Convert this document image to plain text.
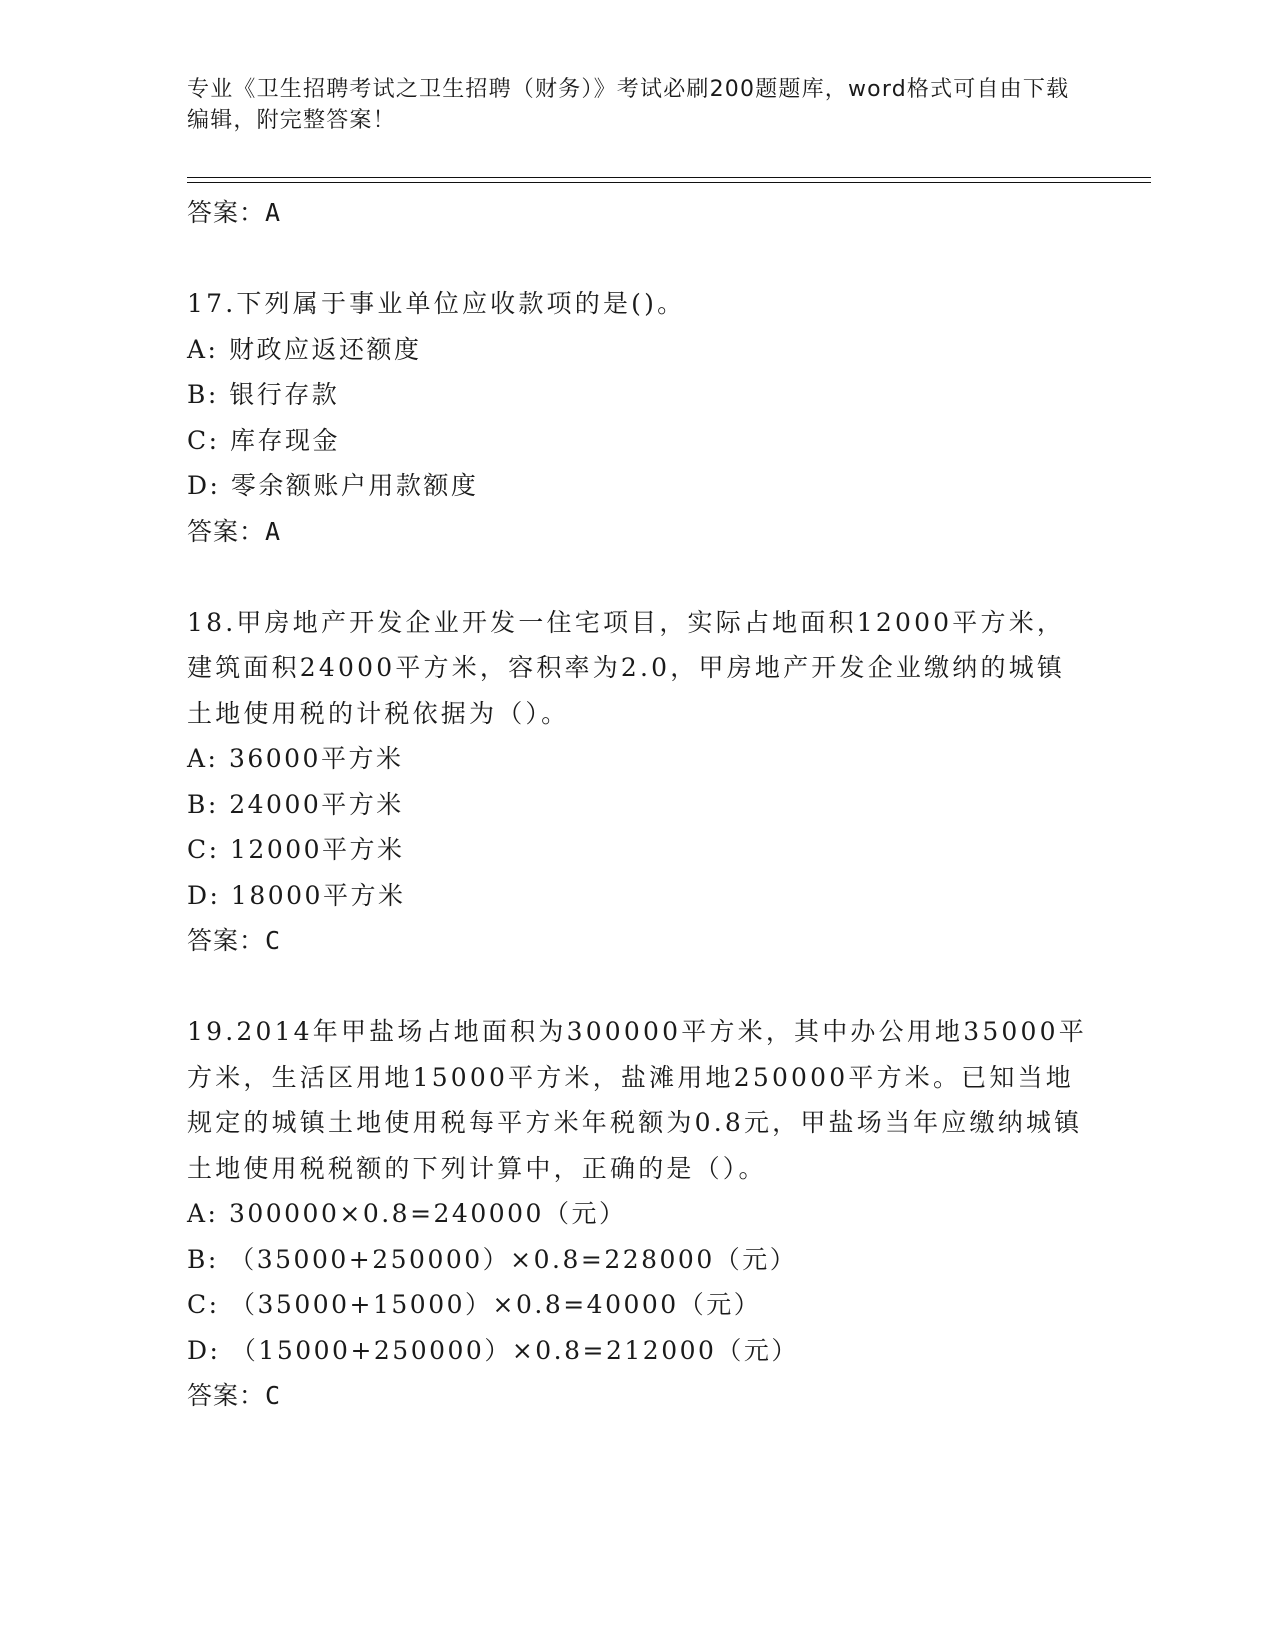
专业《卫生招聘考试之卫生招聘（财务）》考试必刷200题题库，word格式可自由下载编辑，附完整答案！
答案：A
17.下列属于事业单位应收款项的是()。
A: 财政应返还额度
B: 银行存款
C: 库存现金
D: 零余额账户用款额度
答案：A
18.甲房地产开发企业开发一住宅项目，实际占地面积12000平方米，建筑面积24000平方米，容积率为2.0，甲房地产开发企业缴纳的城镇土地使用税的计税依据为（）。
A: 36000平方米
B: 24000平方米
C: 12000平方米
D: 18000平方米
答案：C
19.2014年甲盐场占地面积为300000平方米，其中办公用地35000平方米，生活区用地15000平方米，盐滩用地250000平方米。已知当地规定的城镇土地使用税每平方米年税额为0.8元，甲盐场当年应缴纳城镇土地使用税税额的下列计算中，正确的是（）。
A: 300000×0.8=240000（元）
B: （35000+250000）×0.8=228000（元）
C: （35000+15000）×0.8=40000（元）
D: （15000+250000）×0.8=212000（元）
答案：C
